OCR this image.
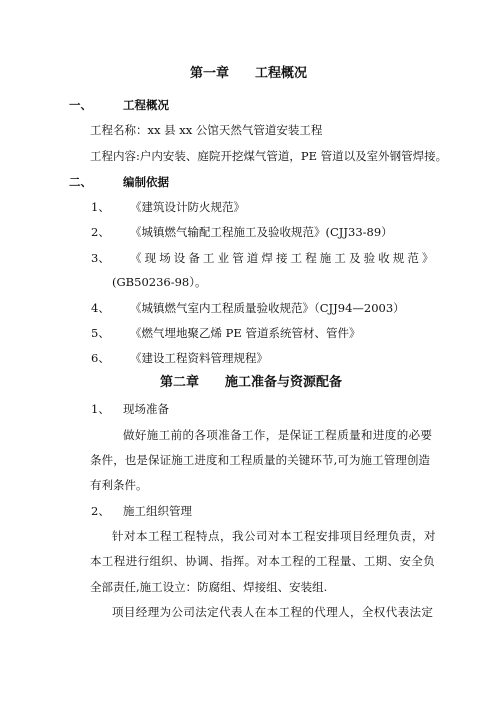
第一章　　工程概况
一、	工程概况
工程名称：xx 县 xx 公馆天然气管道安装工程
工程内容:户内安装、庭院开挖煤气管道，PE 管道以及室外钢管焊接。
二、	编制依据
1、 《建筑设计防火规范》
2、 《城镇燃气输配工程施工及验收规范》(CJJ33-89）
3、 《现场设备工业管道焊接工程施工及验收规范》
(GB50236-98）。
4、 《城镇燃气室内工程质量验收规范》（CJJ94—2003）
5、 《燃气埋地聚乙烯 PE 管道系统管材、管件》
6、 《建设工程资料管理规程》
第二章　　施工准备与资源配备
1、 现场准备
做好施工前的各项准备工作，是保证工程质量和进度的必要
条件，也是保证施工进度和工程质量的关键环节,可为施工管理创造
有利条件。
2、 施工组织管理
针对本工程工程特点，我公司对本工程安排项目经理负责，对
本工程进行组织、协调、指挥。对本工程的工程量、工期、安全负
全部责任,施工设立：防腐组、焊接组、安装组.
项目经理为公司法定代表人在本工程的代理人，全权代表法定
